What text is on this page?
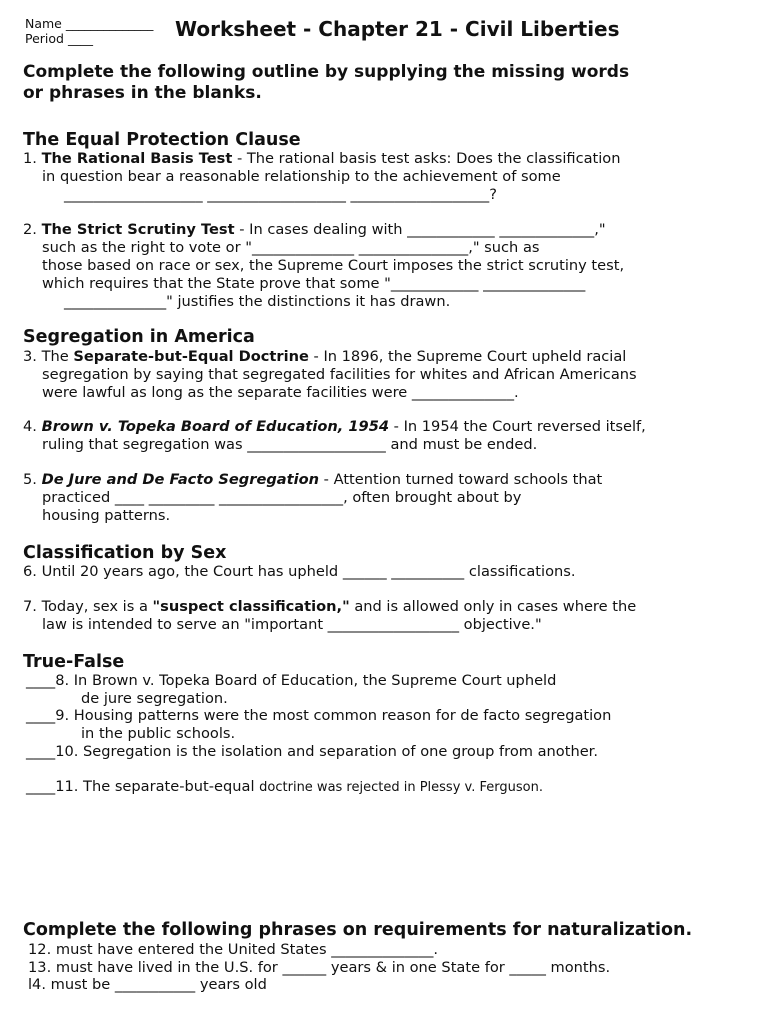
Worksheet - Chapter 21 - Civil Liberties
Name ______________
Period ____
Complete the following outline by supplying the missing words
or phrases in the blanks.
The Equal Protection Clause
1. The Rational Basis Test - The rational basis test asks: Does the classification
in question bear a reasonable relationship to the achievement of some
___________________ ___________________ ___________________?
2. The Strict Scrutiny Test - In cases dealing with ____________ _____________,"
such as the right to vote or "______________ _______________," such as
those based on race or sex, the Supreme Court imposes the strict scrutiny test,
which requires that the State prove that some "____________ ______________
______________" justifies the distinctions it has drawn.
Segregation in America
3. The Separate-but-Equal Doctrine - In 1896, the Supreme Court upheld racial
segregation by saying that segregated facilities for whites and African Americans
were lawful as long as the separate facilities were ______________.
4. Brown v. Topeka Board of Education, 1954 - In 1954 the Court reversed itself,
ruling that segregation was ___________________ and must be ended.
5. De Jure and De Facto Segregation - Attention turned toward schools that
practiced ____ _________ _________________, often brought about by
housing patterns.
Classification by Sex
6. Until 20 years ago, the Court has upheld ______ __________ classifications.
7. Today, sex is a "suspect classification," and is allowed only in cases where the
law is intended to serve an "important __________________ objective."
True-False
____8. In Brown v. Topeka Board of Education, the Supreme Court upheld
de jure segregation.
____9. Housing patterns were the most common reason for de facto segregation
in the public schools.
____10. Segregation is the isolation and separation of one group from another.
____11. The separate-but-equal doctrine was rejected in Plessy v. Ferguson.
Complete the following phrases on requirements for naturalization.
12. must have entered the United States ______________.
13. must have lived in the U.S. for ______ years & in one State for _____ months.
l4. must be ___________ years old
